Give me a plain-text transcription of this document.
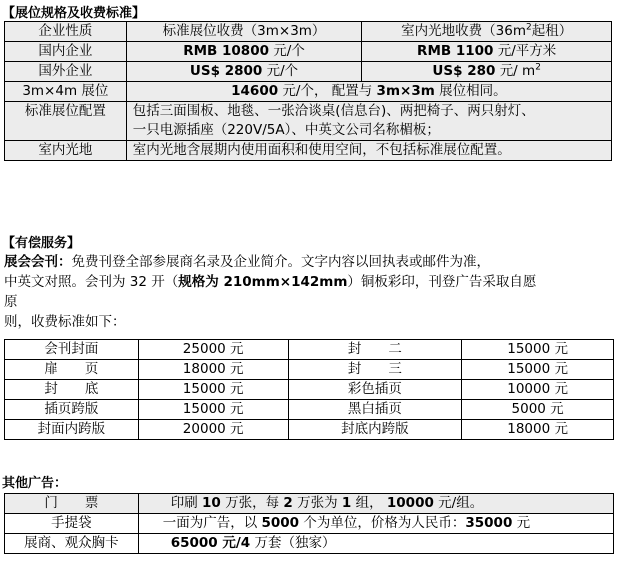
【展位规格及收费标准】
企业性质	标准展位收费（3m×3m）	室内光地收费（$36m^2$起租）
国内企业	RMB 10800 元/个	RMB 1100 元/平方米
国外企业	US$ 2800 元/个	US$ 280 元/ $m^2$
3m×4m 展位	14600 元/个， 配置与 3m×3m 展位相同。	
标准展位配置	包括三面围板、地毯、一张洽谈桌(信息台)、两把椅子、两只射灯、
一只电源插座（220V/5A）、中英文公司名称楣板；	

室内光地	室内光地含展期内使用面积和使用空间，不包括标准展位配置。	
【有偿服务】
展会会刊：免费刊登全部参展商名录及企业简介。文字内容以回执表或邮件为准，
中英文对照。会刊为 32 开（规格为 210mm×142mm）铜板彩印，刊登广告采取自愿
原
则，收费标准如下：
会刊封面	25000 元	封　　二	15000 元
扉　　页	18000 元	封　　三	15000 元
封　　底	15000 元	彩色插页	10000 元
插页跨版	15000 元	黑白插页	5000 元
封面内跨版	20000 元	封底内跨版	18000 元
其他广告：
门　　票	印刷 10 万张，每 2 万张为 1 组， 10000 元/组。
手提袋	一面为广告，以 5000 个为单位，价格为人民币：35000 元
展商、观众胸卡	65000 元/4 万套（独家）
